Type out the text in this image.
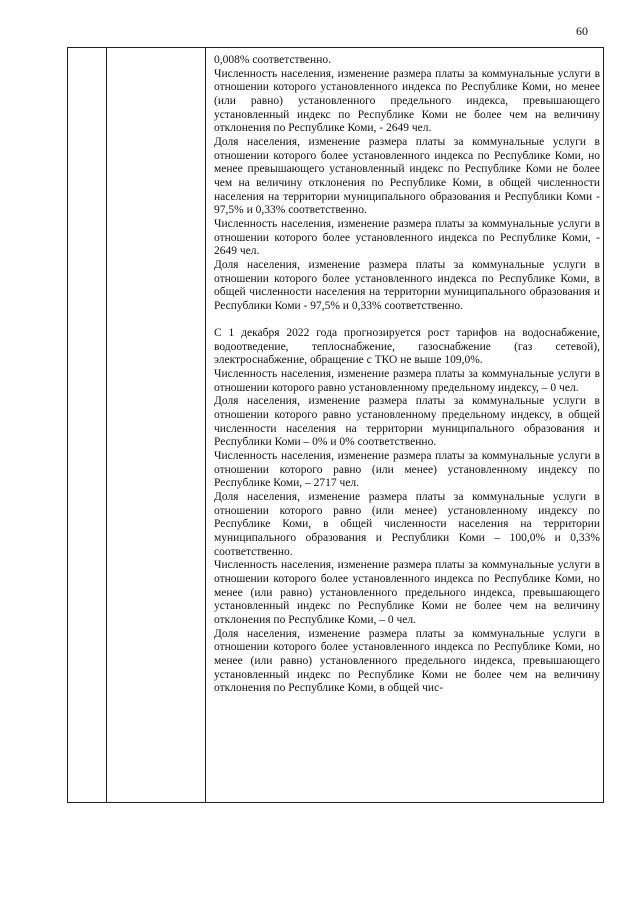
60

0,008% соответственно.

Численность населения, изменение размера платы за коммунальные услуги в отношении которого установленного индекса по Республике Коми, но менее (или равно) установленного предельного индекса, превышающего установленный индекс по Республике Коми не более чем на величину отклонения по Республике Коми, - 2649 чел.

Доля населения, изменение размера платы за коммунальные услуги в отношении которого более установленного индекса по Республике Коми, но менее превышающего установленный индекс по Республике Коми не более чем на величину отклонения по Республике Коми, в общей численности населения на территории муниципального образования и Республики Коми - 97,5% и 0,33% соответственно.

Численность населения, изменение размера платы за коммунальные услуги в отношении которого более установленного индекса по Республике Коми, - 2649 чел.

Доля населения, изменение размера платы за коммунальные услуги в отношении которого более установленного индекса по Республике Коми, в общей численности населения на территории муниципального образования и Республики Коми - 97,5% и 0,33% соответственно.

С 1 декабря 2022 года прогнозируется рост тарифов на водоснабжение, водоотведение, теплоснабжение, газоснабжение (газ сетевой), электроснабжение, обращение с ТКО не выше 109,0%.

Численность населения, изменение размера платы за коммунальные услуги в отношении которого равно установленному предельному индексу, – 0 чел.

Доля населения, изменение размера платы за коммунальные услуги в отношении которого равно установленному предельному индексу, в общей численности населения на территории муниципального образования и Республики Коми – 0% и 0% соответственно.

Численность населения, изменение размера платы за коммунальные услуги в отношении которого равно (или менее) установленному индексу по Республике Коми, – 2717 чел.

Доля населения, изменение размера платы за коммунальные услуги в отношении которого равно (или менее) установленному индексу по Республике Коми, в общей численности населения на территории муниципального образования и Республики Коми – 100,0% и 0,33% соответственно.

Численность населения, изменение размера платы за коммунальные услуги в отношении которого более установленного индекса по Республике Коми, но менее (или равно) установленного предельного индекса, превышающего установленный индекс по Республике Коми не более чем на величину отклонения по Республике Коми, – 0 чел.

Доля населения, изменение размера платы за коммунальные услуги в отношении которого более установленного индекса по Республике Коми, но менее (или равно) установленного предельного индекса, превышающего установленный индекс по Республике Коми не более чем на величину отклонения по Республике Коми, в общей чис-
